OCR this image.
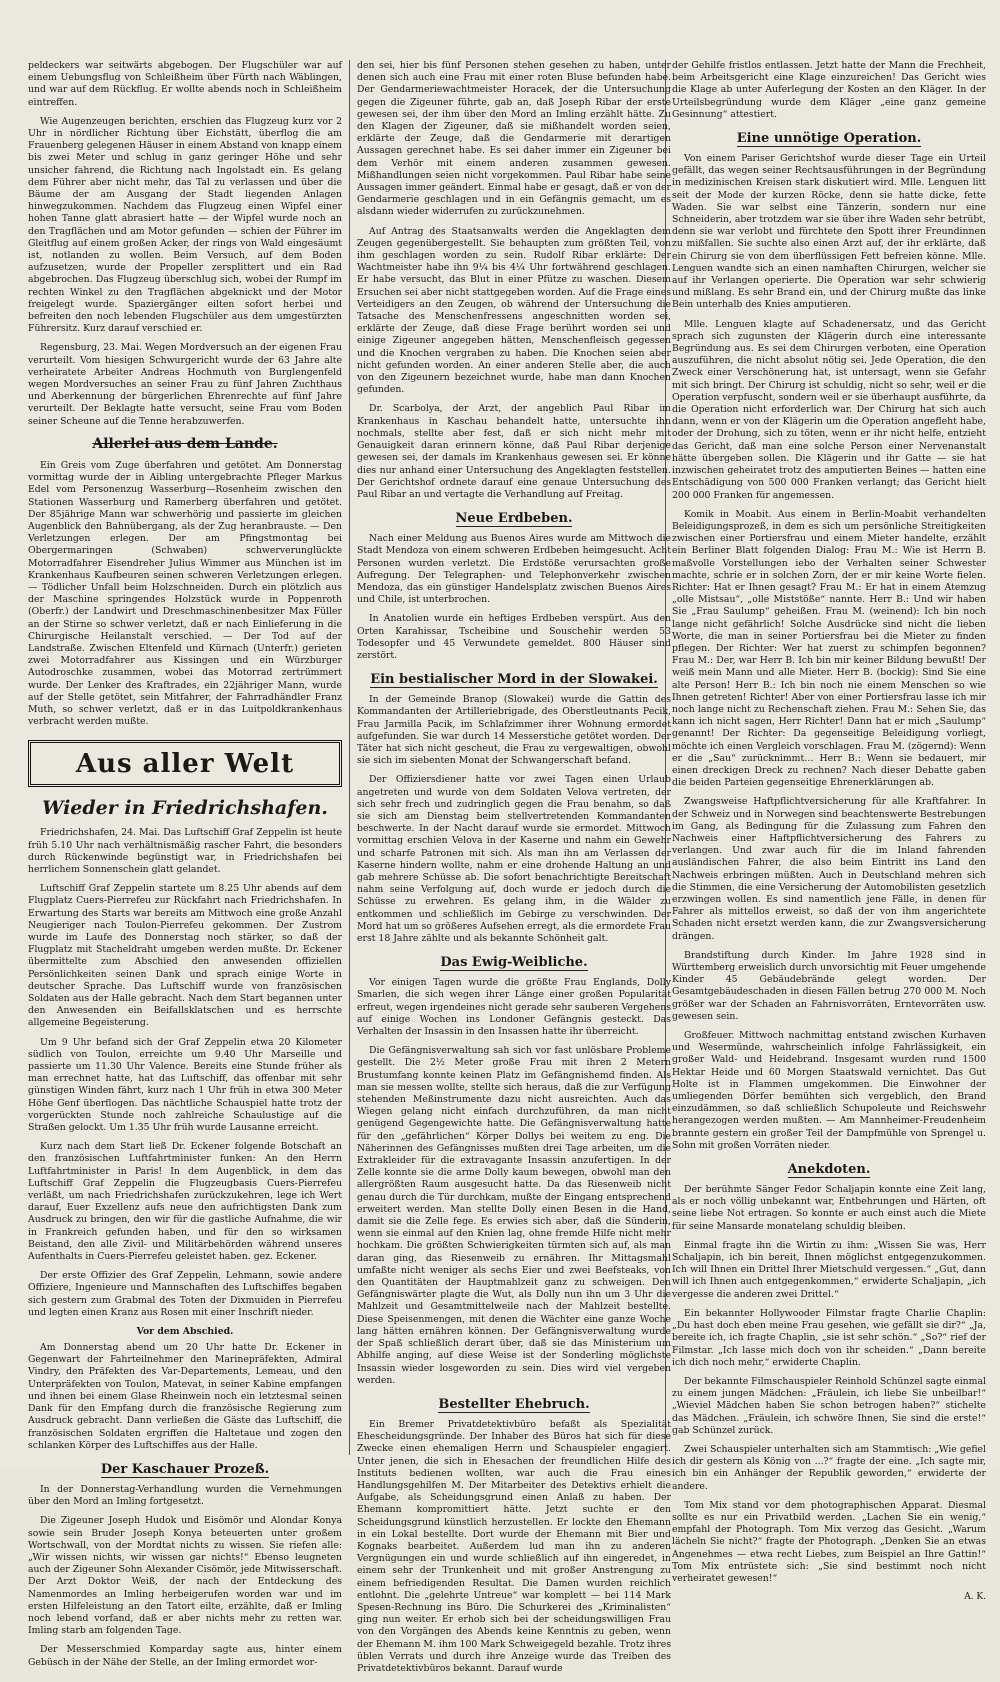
peldeckers war seitwärts abgebogen. Der Flugschüler war auf einem Uebungsflug von Schleißheim über Fürth nach Wäblingen, und war auf dem Rückflug. Er wollte abends noch in Schleißheim eintreffen.

Wie Augenzeugen berichten, erschien das Flugzeug kurz vor 2 Uhr in nördlicher Richtung über Eichstätt, überflog die am Frauenberg gelegenen Häuser in einem Abstand von knapp einem bis zwei Meter und schlug in ganz geringer Höhe und sehr unsicher fahrend, die Richtung nach Ingolstadt ein. Es gelang dem Führer aber nicht mehr, das Tal zu verlassen und über die Bäume der am Ausgang der Stadt liegenden Anlagen hinwegzukommen. Nachdem das Flugzeug einen Wipfel einer hohen Tanne glatt abrasiert hatte — der Wipfel wurde noch an den Tragflächen und am Motor gefunden — schien der Führer im Gleitflug auf einem großen Acker, der rings von Wald eingesäumt ist, notlanden zu wollen. Beim Versuch, auf dem Boden aufzusetzen, wurde der Propeller zersplittert und ein Rad abgebrochen. Das Flugzeug überschlug sich, wobei der Rumpf im rechten Winkel zu den Tragflächen abgeknickt und der Motor freigelegt wurde. Spaziergänger eilten sofort herbei und befreiten den noch lebenden Flugschüler aus dem umgestürzten Führersitz. Kurz darauf verschied er.

Regensburg, 23. Mai. Wegen Mordversuch an der eigenen Frau verurteilt. Vom hiesigen Schwurgericht wurde der 63 Jahre alte verheiratete Arbeiter Andreas Hochmuth von Burglengenfeld wegen Mordversuches an seiner Frau zu fünf Jahren Zuchthaus und Aberkennung der bürgerlichen Ehrenrechte auf fünf Jahre verurteilt. Der Beklagte hatte versucht, seine Frau vom Boden seiner Scheune auf die Tenne herabzuwerfen.

Allerlei aus dem Lande.

Ein Greis vom Zuge überfahren und getötet. Am Donnerstag vormittag wurde der in Aibling untergebrachte Pfleger Markus Edel vom Personenzug Wasserburg—Rosenheim zwischen den Stationen Wasserburg und Ramerberg überfahren und getötet. Der 85jährige Mann war schwerhörig und passierte im gleichen Augenblick den Bahnübergang, als der Zug heranbrauste. — Den Verletzungen erlegen. Der am Pfingstmontag bei Obergermaringen (Schwaben) schwerverunglückte Motorradfahrer Eisendreher Julius Wimmer aus München ist im Krankenhaus Kaufbeuren seinen schweren Verletzungen erlegen. — Tödlicher Unfall beim Holzschneiden. Durch ein plötzlich aus der Maschine springendes Holzstück wurde in Poppenroth (Oberfr.) der Landwirt und Dreschmaschinenbesitzer Max Füller an der Stirne so schwer verletzt, daß er nach Einlieferung in die Chirurgische Heilanstalt verschied. — Der Tod auf der Landstraße. Zwischen Eltenfeld und Kürnach (Unterfr.) gerieten zwei Motorradfahrer aus Kissingen und ein Würzburger Autodroschke zusammen, wobei das Motorrad zertrümmert wurde. Der Lenker des Kraftrades, ein 22jähriger Mann, wurde auf der Stelle getötet, sein Mitfahrer, der Fahrradhändler Franz Muth, so schwer verletzt, daß er in das Luitpoldkrankenhaus verbracht werden mußte.

Aus aller Welt
Wieder in Friedrichshafen.

Friedrichshafen, 24. Mai. Das Luftschiff Graf Zeppelin ist heute früh 5.10 Uhr nach verhältnismäßig rascher Fahrt, die besonders durch Rückenwinde begünstigt war, in Friedrichshafen bei herrlichem Sonnenschein glatt gelandet.

Luftschiff Graf Zeppelin startete um 8.25 Uhr abends auf dem Flugplatz Cuers-Pierrefeu zur Rückfahrt nach Friedrichshafen. In Erwartung des Starts war bereits am Mittwoch eine große Anzahl Neugieriger nach Toulon-Pierrefeu gekommen. Der Zustrom wurde im Laufe des Donnerstag noch stärker, so daß der Flugplatz mit Stacheldraht umgeben werden mußte. Dr. Eckener übermittelte zum Abschied den anwesenden offiziellen Persönlichkeiten seinen Dank und sprach einige Worte in deutscher Sprache. Das Luftschiff wurde von französischen Soldaten aus der Halle gebracht. Nach dem Start begannen unter den Anwesenden ein Beifallsklatschen und es herrschte allgemeine Begeisterung.

Um 9 Uhr befand sich der Graf Zeppelin etwa 20 Kilometer südlich von Toulon, erreichte um 9.40 Uhr Marseille und passierte um 11.30 Uhr Valence. Bereits eine Stunde früher als man errechnet hatte, hat das Luftschiff, das offenbar mit sehr günstigen Winden fährt, kurz nach 1 Uhr früh in etwa 300 Meter Höhe Genf überflogen. Das nächtliche Schauspiel hatte trotz der vorgerückten Stunde noch zahlreiche Schaulustige auf die Straßen gelockt. Um 1.35 Uhr früh wurde Lausanne erreicht.

Kurz nach dem Start ließ Dr. Eckener folgende Botschaft an den französischen Luftfahrtminister funken: An den Herrn Luftfahrtminister in Paris! In dem Augenblick, in dem das Luftschiff Graf Zeppelin die Flugzeugbasis Cuers-Pierrefeu verläßt, um nach Friedrichshafen zurückzukehren, lege ich Wert darauf, Euer Exzellenz aufs neue den aufrichtigsten Dank zum Ausdruck zu bringen, den wir für die gastliche Aufnahme, die wir in Frankreich gefunden haben, und für den so wirksamen Beistand, den alle Zivil- und Militärbehörden während unseres Aufenthalts in Cuers-Pierrefeu geleistet haben. gez. Eckener.

Der erste Offizier des Graf Zeppelin, Lehmann, sowie andere Offiziere, Ingenieure und Mannschaften des Luftschiffes begaben sich gestern zum Grabmal des Toten der Dixmuiden in Pierrefeu und legten einen Kranz aus Rosen mit einer Inschrift nieder.

Vor dem Abschied.

Am Donnerstag abend um 20 Uhr hatte Dr. Eckener in Gegenwart der Fahrteilnehmer den Marinepräfekten, Admiral Vindry, den Präfekten des Var-Departements, Lemeau, und den Unterpräfekten von Toulon, Matevat, in seiner Kabine empfangen und ihnen bei einem Glase Rheinwein noch ein letztesmal seinen Dank für den Empfang durch die französische Regierung zum Ausdruck gebracht. Dann verließen die Gäste das Luftschiff, die französischen Soldaten ergriffen die Haltetaue und zogen den schlanken Körper des Luftschiffes aus der Halle.

Der Kaschauer Prozeß.

In der Donnerstag-Verhandlung wurden die Vernehmungen über den Mord an Imling fortgesetzt.

Die Zigeuner Joseph Hudok und Eisömör und Alondar Konya sowie sein Bruder Joseph Konya beteuerten unter großem Wortschwall, von der Mordtat nichts zu wissen. Sie riefen alle: „Wir wissen nichts, wir wissen gar nichts!“ Ebenso leugneten auch der Zigeuner Sohn Alexander Cisömör, jede Mitwisserschaft. Der Arzt Doktor Weiß, der nach der Entdeckung des Namenmordes an Imling herbeigerufen worden war und im ersten Hilfeleistung an den Tatort eilte, erzählte, daß er Imling noch lebend vorfand, daß er aber nichts mehr zu retten war. Imling starb am folgenden Tage.

Der Messerschmied Komparday sagte aus, hinter einem Gebüsch in der Nähe der Stelle, an der Imling ermordet wor-

den sei, hier bis fünf Personen stehen gesehen zu haben, unter denen sich auch eine Frau mit einer roten Bluse befunden habe. Der Gendarmeriewachtmeister Horacek, der die Untersuchung gegen die Zigeuner führte, gab an, daß Joseph Ribar der erste gewesen sei, der ihm über den Mord an Imling erzählt hätte. Zu den Klagen der Zigeuner, daß sie mißhandelt worden seien, erklärte der Zeuge, daß die Gendarmerie mit derartigen Aussagen gerechnet habe. Es sei daher immer ein Zigeuner bei dem Verhör mit einem anderen zusammen gewesen. Mißhandlungen seien nicht vorgekommen. Paul Ribar habe seine Aussagen immer geändert. Einmal habe er gesagt, daß er von der Gendarmerie geschlagen und in ein Gefängnis gemacht, um es alsdann wieder widerrufen zu zurückzunehmen.

Auf Antrag des Staatsanwalts werden die Angeklagten dem Zeugen gegenübergestellt. Sie behaupten zum größten Teil, von ihm geschlagen worden zu sein. Rudolf Ribar erklärte: Der Wachtmeister habe ihn 9¼ bis 4¼ Uhr fortwährend geschlagen. Er habe versucht, das Blut in einer Pfütze zu waschen. Diesem Ersuchen sei aber nicht stattgegeben worden. Auf die Frage eines Verteidigers an den Zeugen, ob während der Untersuchung die Tatsache des Menschenfressens angeschnitten worden sei, erklärte der Zeuge, daß diese Frage berührt worden sei und einige Zigeuner angegeben hätten, Menschenfleisch gegessen und die Knochen vergraben zu haben. Die Knochen seien aber nicht gefunden worden. An einer anderen Stelle aber, die auch von den Zigeunern bezeichnet wurde, habe man dann Knochen gefunden.

Dr. Scarbolya, der Arzt, der angeblich Paul Ribar im Krankenhaus in Kaschau behandelt hatte, untersuchte ihn nochmals, stellte aber fest, daß er sich nicht mehr mit Genauigkeit daran erinnern könne, daß Paul Ribar derjenige gewesen sei, der damals im Krankenhaus gewesen sei. Er könne dies nur anhand einer Untersuchung des Angeklagten feststellen. Der Gerichtshof ordnete darauf eine genaue Untersuchung des Paul Ribar an und vertagte die Verhandlung auf Freitag.

Neue Erdbeben.

Nach einer Meldung aus Buenos Aires wurde am Mittwoch die Stadt Mendoza von einem schweren Erdbeben heimgesucht. Acht Personen wurden verletzt. Die Erdstöße verursachten große Aufregung. Der Telegraphen- und Telephonverkehr zwischen Mendoza, das ein günstiger Handelsplatz zwischen Buenos Aires und Chile, ist unterbrochen.

In Anatolien wurde ein heftiges Erdbeben verspürt. Aus den Orten Karahissar, Tscheibine und Souschehir werden 53 Todesopfer und 45 Verwundete gemeldet. 800 Häuser sind zerstört.

Ein bestialischer Mord in der Slowakei.

In der Gemeinde Branop (Slowakei) wurde die Gattin des Kommandanten der Artilleriebrigade, des Oberstleutnants Pecik, Frau Jarmilla Pacik, im Schlafzimmer ihrer Wohnung ermordet aufgefunden. Sie war durch 14 Messerstiche getötet worden. Der Täter hat sich nicht gescheut, die Frau zu vergewaltigen, obwohl sie sich im siebenten Monat der Schwangerschaft befand.

Der Offiziersdiener hatte vor zwei Tagen einen Urlaub angetreten und wurde von dem Soldaten Velova vertreten, der sich sehr frech und zudringlich gegen die Frau benahm, so daß sie sich am Dienstag beim stellvertretenden Kommandanten beschwerte. In der Nacht darauf wurde sie ermordet. Mittwoch vormittag erschien Velova in der Kaserne und nahm ein Gewehr und scharfe Patronen mit sich. Als man ihn am Verlassen der Kaserne hindern wollte, nahm er eine drohende Haltung an und gab mehrere Schüsse ab. Die sofort benachrichtigte Bereitschaft nahm seine Verfolgung auf, doch wurde er jedoch durch die Schüsse zu erwehren. Es gelang ihm, in die Wälder zu entkommen und schließlich im Gebirge zu verschwinden. Der Mord hat um so größeres Aufsehen erregt, als die ermordete Frau erst 18 Jahre zählte und als bekannte Schönheit galt.

Das Ewig-Weibliche.

Vor einigen Tagen wurde die größte Frau Englands, Dolly Smarlen, die sich wegen ihrer Länge einer großen Popularität erfreut, wegen irgendeines nicht gerade sehr sauberen Vergehens auf einige Wochen ins Londoner Gefängnis gesteckt. Das Verhalten der Insassin in den Insassen hatte ihr überreicht.

Die Gefängnisverwaltung sah sich vor fast unlösbare Probleme gestellt. Die 2½ Meter große Frau mit ihren 2 Metern Brustumfang konnte keinen Platz im Gefängnishemd finden. Als man sie messen wollte, stellte sich heraus, daß die zur Verfügung stehenden Meßinstrumente dazu nicht ausreichten. Auch das Wiegen gelang nicht einfach durchzuführen, da man nicht genügend Gegengewichte hatte. Die Gefängnisverwaltung hatte für den „gefährlichen“ Körper Dollys bei weitem zu eng. Die Näherinnen des Gefängnisses mußten drei Tage arbeiten, um die Extrakleider für die extravagante Insassin anzufertigen. In der Zelle konnte sie die arme Dolly kaum bewegen, obwohl man den allergrößten Raum ausgesucht hatte. Da das Riesenweib nicht genau durch die Tür durchkam, mußte der Eingang entsprechend erweitert werden. Man stellte Dolly einen Besen in die Hand, damit sie die Zelle fege. Es erwies sich aber, daß die Sünderin, wenn sie einmal auf den Knien lag, ohne fremde Hilfe nicht mehr hochkam. Die größten Schwierigkeiten türmten sich auf, als man daran ging, das Riesenweib zu ernähren. Ihr Mittagsmahl umfaßte nicht weniger als sechs Eier und zwei Beefsteaks, von den Quantitäten der Hauptmahlzeit ganz zu schweigen. Den Gefängniswärter plagte die Wut, als Dolly nun ihn um 3 Uhr die Mahlzeit und Gesamtmittelweile nach der Mahlzeit bestellte. Diese Speisenmengen, mit denen die Wächter eine ganze Woche lang hätten ernähren können. Der Gefängnisverwaltung wurde der Spaß schließlich derart über, daß sie das Ministerium um Abhilfe anging, auf diese Weise ist der Sonderling möglichste Insassin wieder losgeworden zu sein. Dies wird viel vergeben werden.

Bestellter Ehebruch.

Ein Bremer Privatdetektivbüro befaßt als Spezialität Ehescheidungsgründe. Der Inhaber des Büros hat sich für diese Zwecke einen ehemaligen Herrn und Schauspieler engagiert. Unter jenen, die sich in Ehesachen der freundlichen Hilfe des Instituts bedienen wollten, war auch die Frau eines Handlungsgehilfen M. Der Mitarbeiter des Detektivs erhielt die Aufgabe, als Scheidungsgrund einen Anlaß zu haben. Der Ehemann kompromittiert hätte. Jetzt suchte er den Scheidungsgrund künstlich herzustellen. Er lockte den Ehemann in ein Lokal bestellte. Dort wurde der Ehemann mit Bier und Kognaks bearbeitet. Außerdem lud man ihn zu anderen Vergnügungen ein und wurde schließlich auf ihn eingeredet, in einem sehr der Trunkenheit und mit großer Anstrengung zu einem befriedigenden Resultat. Die Damen wurden reichlich entlohnt. Die „gelehrte Untreue“ war komplett — bei 114 Mark Spesen-Rechnung ins Büro. Die Schurkerei des „Kriminalisten“ ging nun weiter. Er erhob sich bei der scheidungswilligen Frau von den Vorgängen des Abends keine Kenntnis zu geben, wenn der Ehemann M. ihm 100 Mark Schweigegeld bezahle. Trotz ihres üblen Verrats und durch ihre Anzeige wurde das Treiben des Privatdetektivbüros bekannt. Darauf wurde

der Gehilfe fristlos entlassen. Jetzt hatte der Mann die Frechheit, beim Arbeitsgericht eine Klage einzureichen! Das Gericht wies die Klage ab unter Auferlegung der Kosten an den Kläger. In der Urteilsbegründung wurde dem Kläger „eine ganz gemeine Gesinnung“ attestiert.

Eine unnötige Operation.

Von einem Pariser Gerichtshof wurde dieser Tage ein Urteil gefällt, das wegen seiner Rechtsausführungen in der Begründung in medizinischen Kreisen stark diskutiert wird. Mlle. Lenguen litt seit der Mode der kurzen Röcke, denn sie hatte dicke, fette Waden. Sie war selbst eine Tänzerin, sondern nur eine Schneiderin, aber trotzdem war sie über ihre Waden sehr betrübt, denn sie war verlobt und fürchtete den Spott ihrer Freundinnen zu mißfallen. Sie suchte also einen Arzt auf, der ihr erklärte, daß ein Chirurg sie von dem überflüssigen Fett befreien könne. Mlle. Lenguen wandte sich an einen namhaften Chirurgen, welcher sie auf ihr Verlangen operierte. Die Operation war sehr schwierig und mißlang. Es sehr Brand ein, und der Chirurg mußte das linke Bein unterhalb des Knies amputieren.

Mlle. Lenguen klagte auf Schadenersatz, und das Gericht sprach sich zugunsten der Klägerin durch eine interessante Begründung aus. Es sei dem Chirurgen verboten, eine Operation auszuführen, die nicht absolut nötig sei. Jede Operation, die den Zweck einer Verschönerung hat, ist untersagt, wenn sie Gefahr mit sich bringt. Der Chirurg ist schuldig, nicht so sehr, weil er die Operation verpfuscht, sondern weil er sie überhaupt ausführte, da die Operation nicht erforderlich war. Der Chirurg hat sich auch dann, wenn er von der Klägerin um die Operation angefleht habe, oder der Drohung, sich zu töten, wenn er ihr nicht helfe, entzieht das Gericht, daß man eine solche Person einer Nervenanstalt hätte übergeben sollen. Die Klägerin und ihr Gatte — sie hat inzwischen geheiratet trotz des amputierten Beines — hatten eine Entschädigung von 500 000 Franken verlangt; das Gericht hielt 200 000 Franken für angemessen.

Komik in Moabit. Aus einem in Berlin-Moabit verhandelten Beleidigungsprozeß, in dem es sich um persönliche Streitigkeiten zwischen einer Portiersfrau und einem Mieter handelte, erzählt ein Berliner Blatt folgenden Dialog: Frau M.: Wie ist Herrn B. maßvolle Vorstellungen iebo der Verhalten seiner Schwester machte, schrie er in solchen Zorn, der er mir keine Worte fielen. Richter: Hat er Ihnen gesagt? Frau M.: Er hat in einem Atemzug „olle Mistsau“, „olle Miststöße“ nannte. Herr B.: Und wir haben Sie „Frau Saulump“ geheißen. Frau M. (weinend): Ich bin noch lange nicht gefährlich! Solche Ausdrücke sind nicht die lieben Worte, die man in seiner Portiersfrau bei die Mieter zu finden pflegen. Der Richter: Wer hat zuerst zu schimpfen begonnen? Frau M.: Der, war Herr B. Ich bin mir keiner Bildung bewußt! Der weiß mein Mann und alle Mieter. Herr B. (bockig): Sind Sie eine alte Person! Herr B.: Ich bin noch nie einem Menschen so wie Ihnen getreten! Richter! Aber von einer Portiersfrau lasse ich mir noch lange nicht zu Rechenschaft ziehen. Frau M.: Sehen Sie, das kann ich nicht sagen, Herr Richter! Dann hat er mich „Saulump“ genannt! Der Richter: Da gegenseitige Beleidigung vorliegt, möchte ich einen Vergleich vorschlagen. Frau M. (zögernd): Wenn er die „Sau“ zurücknimmt… Herr B.: Wenn sie bedauert, mir einen dreckigen Dreck zu rechnen? Nach dieser Debatte gaben die beiden Parteien gegenseitige Ehrenerklärungen ab.

Zwangsweise Haftpflichtversicherung für alle Kraftfahrer. In der Schweiz und in Norwegen sind beachtenswerte Bestrebungen im Gang, als Bedingung für die Zulassung zum Fahren den Nachweis einer Haftpflichtversicherung des Fahrers zu verlangen. Und zwar auch für die im Inland fahrenden ausländischen Fahrer, die also beim Eintritt ins Land den Nachweis erbringen müßten. Auch in Deutschland mehren sich die Stimmen, die eine Versicherung der Automobilisten gesetzlich erzwingen wollen. Es sind namentlich jene Fälle, in denen für Fahrer als mittellos erweist, so daß der von ihm angerichtete Schaden nicht ersetzt werden kann, die zur Zwangsversicherung drängen.

Brandstiftung durch Kinder. Im Jahre 1928 sind in Württemberg erweislich durch unvorsichtig mit Feuer umgehende Kinder 45 Gebäudebrände gelegt worden. Der Gesamtgebäudeschaden in diesen Fällen betrug 270 000 M. Noch größer war der Schaden an Fahrnisvorräten, Erntevorräten usw. gewesen sein.

Großfeuer. Mittwoch nachmittag entstand zwischen Kurhaven und Wesermünde, wahrscheinlich infolge Fahrlässigkeit, ein großer Wald- und Heidebrand. Insgesamt wurden rund 1500 Hektar Heide und 60 Morgen Staatswald vernichtet. Das Gut Holte ist in Flammen umgekommen. Die Einwohner der umliegenden Dörfer bemühten sich vergeblich, den Brand einzudämmen, so daß schließlich Schupoleute und Reichswehr herangezogen werden mußten. — Am Mannheimer-Freudenheim brannte gestern ein großer Teil der Dampfmühle von Sprengel u. Sohn mit großen Vorräten nieder.

Anekdoten.

Der berühmte Sänger Fedor Schaljapin konnte eine Zeit lang, als er noch völlig unbekannt war, Entbehrungen und Härten, oft seine liebe Not ertragen. So konnte er auch einst auch die Miete für seine Mansarde monatelang schuldig bleiben.

Einmal fragte ihn die Wirtin zu ihm: „Wissen Sie was, Herr Schaljapin, ich bin bereit, Ihnen möglichst entgegenzukommen. Ich will Ihnen ein Drittel Ihrer Mietschuld vergessen.“ „Gut, dann will ich Ihnen auch entgegenkommen,“ erwiderte Schaljapin, „ich vergesse die anderen zwei Drittel.“

Ein bekannter Hollywooder Filmstar fragte Charlie Chaplin: „Du hast doch eben meine Frau gesehen, wie gefällt sie dir?“ „Ja, bereite ich, ich fragte Chaplin, „sie ist sehr schön.“ „So?“ rief der Filmstar. „Ich lasse mich doch von ihr scheiden.“ „Dann bereite ich dich noch mehr,“ erwiderte Chaplin.

Der bekannte Filmschauspieler Reinhold Schünzel sagte einmal zu einem jungen Mädchen: „Fräulein, ich liebe Sie unbeilbar!“ „Wieviel Mädchen haben Sie schon betrogen haben?“ stichelte das Mädchen. „Fräulein, ich schwöre Ihnen, Sie sind die erste!“ gab Schünzel zurück.

Zwei Schauspieler unterhalten sich am Stammtisch: „Wie gefiel ich dir gestern als König von ...?“ fragte der eine. „Ich sagte mir, ich bin ein Anhänger der Republik geworden,“ erwiderte der andere.

Tom Mix stand vor dem photographischen Apparat. Diesmal sollte es nur ein Privatbild werden. „Lachen Sie ein wenig,“ empfahl der Photograph. Tom Mix verzog das Gesicht. „Warum lächeln Sie nicht?“ fragte der Photograph. „Denken Sie an etwas Angenehmes — etwa recht Liebes, zum Beispiel an Ihre Gattin!“ Tom Mix entrüstete sich: „Sie sind bestimmt noch nicht verheiratet gewesen!“

A. K.
